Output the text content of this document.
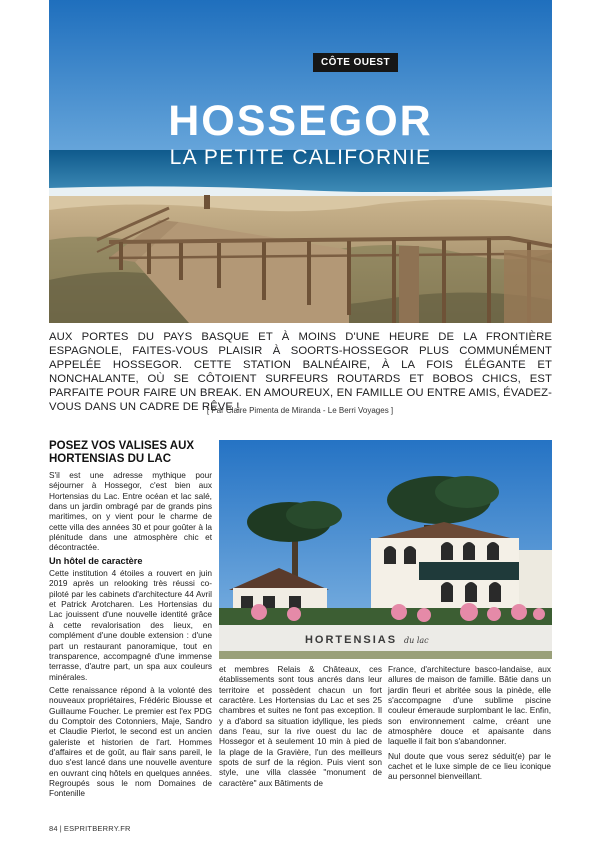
CÔTE OUEST
HOSSEGOR
LA PETITE CALIFORNIE

AUX PORTES DU PAYS BASQUE ET À MOINS D'UNE HEURE DE LA FRONTIÈRE ESPAGNOLE, FAITES-VOUS PLAISIR À SOORTS-HOSSEGOR PLUS COMMUNÉMENT APPELÉE HOSSEGOR. CETTE STATION BALNÉAIRE, À LA FOIS ÉLÉGANTE ET NONCHALANTE, OÙ SE CÔTOIENT SURFEURS ROUTARDS ET BOBOS CHICS, EST PARFAITE POUR FAIRE UN BREAK. EN AMOUREUX, EN FAMILLE OU ENTRE AMIS, ÉVADEZ-VOUS DANS UN CADRE DE RÊVE !

[ Par Claire Pimenta de Miranda - Le Berri Voyages ]
POSEZ VOS VALISES AUX HORTENSIAS DU LAC

S'il est une adresse mythique pour séjourner à Hossegor, c'est bien aux Hortensias du Lac. Entre océan et lac salé, dans un jardin ombragé par de grands pins maritimes, on y vient pour le charme de cette villa des années 30 et pour goûter à la plénitude dans une atmosphère chic et décontractée.

Un hôtel de caractère

Cette institution 4 étoiles a rouvert en juin 2019 après un relooking très réussi co-piloté par les cabinets d'architecture 44 Avril et Patrick Arotcharen. Les Hortensias du Lac jouissent d'une nouvelle identité grâce à cette revalorisation des lieux, en complément d'une double extension : d'une part un restaurant panoramique, tout en transparence, accompagné d'une immense terrasse, d'autre part, un spa aux couleurs minérales.

Cette renaissance répond à la volonté des nouveaux propriétaires, Frédéric Biousse et Guillaume Foucher. Le premier est l'ex PDG du Comptoir des Cotonniers, Maje, Sandro et Claudie Pierlot, le second est un ancien galeriste et historien de l'art. Hommes d'affaires et de goût, au flair sans pareil, le duo s'est lancé dans une nouvelle aventure en ouvrant cinq hôtels en quelques années. Regroupés sous le nom Domaines de Fontenille

HORTENSIAS du lac

et membres Relais & Châteaux, ces établissements sont tous ancrés dans leur territoire et possèdent chacun un fort caractère. Les Hortensias du Lac et ses 25 chambres et suites ne font pas exception. Il y a d'abord sa situation idyllique, les pieds dans l'eau, sur la rive ouest du lac de Hossegor et à seulement 10 min à pied de la plage de la Gravière, l'un des meilleurs spots de surf de la région. Puis vient son style, une villa classée "monument de caractère" aux Bâtiments de

France, d'architecture basco-landaise, aux allures de maison de famille. Bâtie dans un jardin fleuri et abritée sous la pinède, elle s'accompagne d'une sublime piscine couleur émeraude surplombant le lac. Enfin, son environnement calme, créant une atmosphère douce et apaisante dans laquelle il fait bon s'abandonner.

Nul doute que vous serez séduit(e) par le cachet et le luxe simple de ce lieu iconique au personnel bienveillant.

84 | ESPRITBERRY.FR
